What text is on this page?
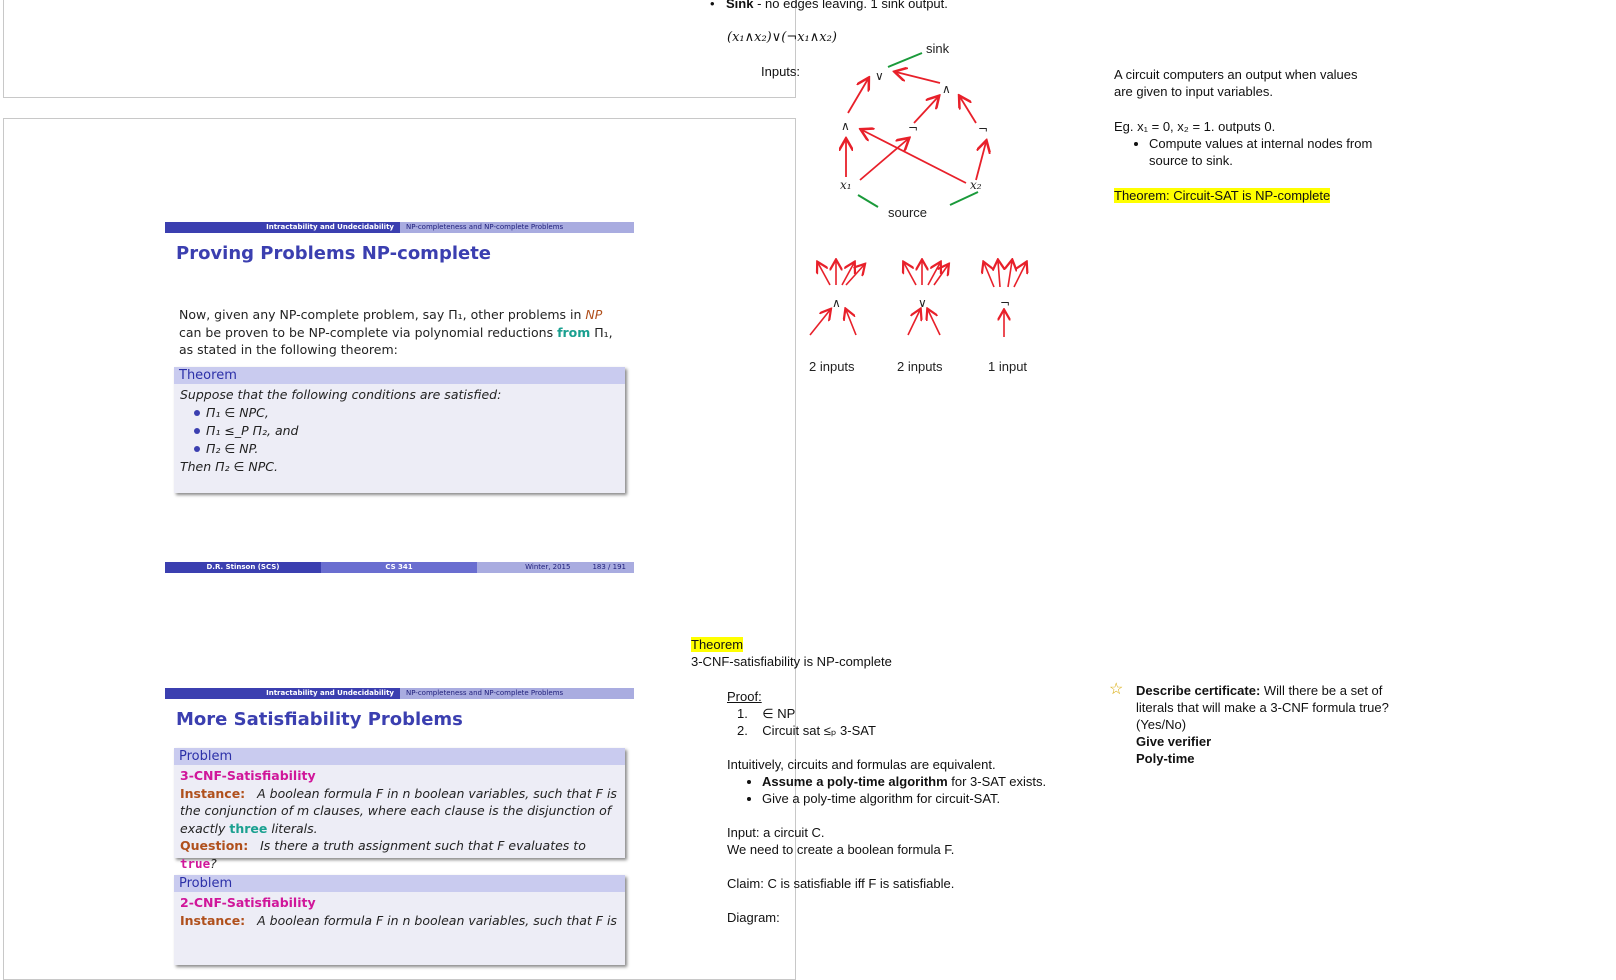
• Sink - no edges leaving. 1 sink output.
(x₁∧x₂)∨(¬x₁∧x₂)
Inputs:
sink
∨
∧
∧	¬	¬
x₁	x₂
source
∧	∨	¬
2 inputs	2 inputs	1 input
A circuit computers an output when values are given to input variables.
Eg. x₁ = 0, x₂ = 1. outputs 0.
• Compute values at internal nodes from source to sink.
Theorem: Circuit-SAT is NP-complete
Intractability and Undecidability	NP-completeness and NP-complete Problems
Proving Problems NP-complete
Now, given any NP-complete problem, say Π₁, other problems in NP can be proven to be NP-complete via polynomial reductions from Π₁, as stated in the following theorem:
Theorem
Suppose that the following conditions are satisfied:
Π₁ ∈ NPC,
Π₁ ≤_P Π₂, and
Π₂ ∈ NP.
Then Π₂ ∈ NPC.
D.R. Stinson (SCS)	CS 341	Winter, 2015	183 / 191
Theorem
3-CNF-satisfiability is NP-complete
Proof:
1.    ∈ NP
2.    Circuit sat ≤ₚ 3-SAT
Intuitively, circuits and formulas are equivalent.
• Assume a poly-time algorithm for 3-SAT exists.
• Give a poly-time algorithm for circuit-SAT.
Input: a circuit C.
We need to create a boolean formula F.
Claim: C is satisfiable iff F is satisfiable.
Diagram:
☆ Describe certificate: Will there be a set of literals that will make a 3-CNF formula true? (Yes/No)
Give verifier
Poly-time
Intractability and Undecidability	NP-completeness and NP-complete Problems
More Satisfiability Problems
Problem
3-CNF-Satisfiability
Instance: A boolean formula F in n boolean variables, such that F is the conjunction of m clauses, where each clause is the disjunction of exactly three literals.
Question: Is there a truth assignment such that F evaluates to true?
Problem
2-CNF-Satisfiability
Instance: A boolean formula F in n boolean variables, such that F is
